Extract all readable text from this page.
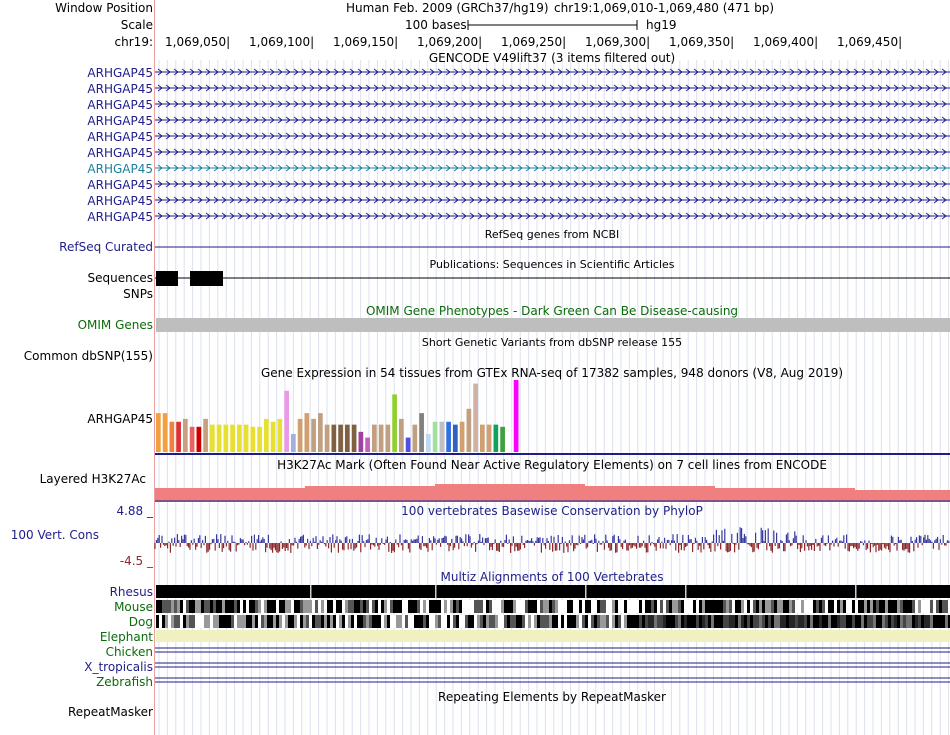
Window Position
Scale
chr19:
ARHGAP45
ARHGAP45
ARHGAP45
ARHGAP45
ARHGAP45
ARHGAP45
ARHGAP45
ARHGAP45
ARHGAP45
ARHGAP45
RefSeq Curated
Sequences
SNPs
OMIM Genes
Common dbSNP(155)
ARHGAP45
Layered H3K27Ac
100 Vert. Cons
4.88 _
-4.5 _
Rhesus
Mouse
Dog
Elephant
Chicken
X_tropicalis
Zebrafish
RepeatMasker
Human Feb. 2009 (GRCh37/hg19) chr19:1,069,010-1,069,480 (471 bp)
100 bases	hg19
1,069,050| 1,069,100| 1,069,150| 1,069,200| 1,069,250| 1,069,300| 1,069,350| 1,069,400| 1,069,450|
GENCODE V49lift37 (3 items filtered out)
RefSeq genes from NCBI
Publications: Sequences in Scientific Articles
OMIM Gene Phenotypes - Dark Green Can Be Disease-causing
Short Genetic Variants from dbSNP release 155
Gene Expression in 54 tissues from GTEx RNA-seq of 17382 samples, 948 donors (V8, Aug 2019)
H3K27Ac Mark (Often Found Near Active Regulatory Elements) on 7 cell lines from ENCODE
100 vertebrates Basewise Conservation by PhyloP
Multiz Alignments of 100 Vertebrates
Repeating Elements by RepeatMasker
